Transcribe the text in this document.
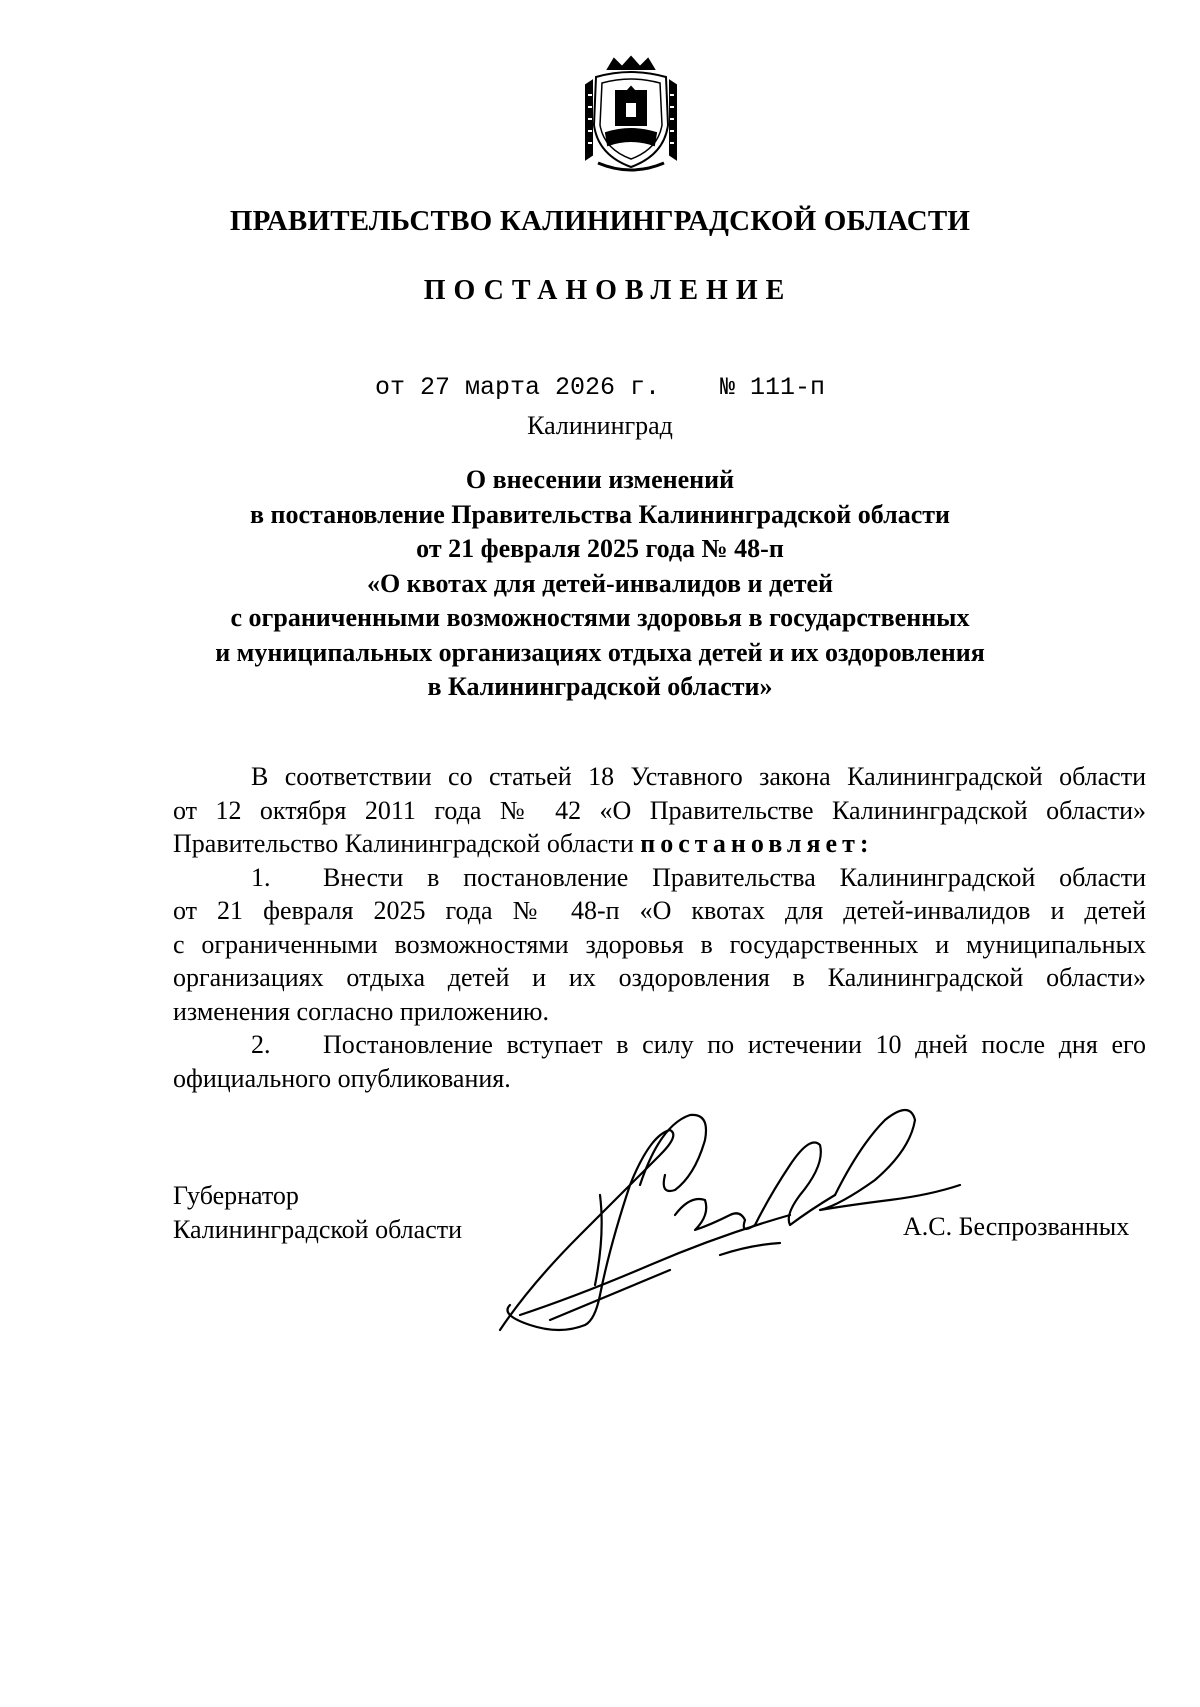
ПРАВИТЕЛЬСТВО КАЛИНИНГРАДСКОЙ ОБЛАСТИ
ПОСТАНОВЛЕНИЕ
от 27 марта 2026 г. № 111-п
Калининград
О внесении изменений
в постановление Правительства Калининградской области
от 21 февраля 2025 года № 48-п
«О квотах для детей-инвалидов и детей
с ограниченными возможностями здоровья в государственных
и муниципальных организациях отдыха детей и их оздоровления
в Калининградской области»
В соответствии со статьей 18 Уставного закона Калининградской области
от 12 октября 2011 года № 42 «О Правительстве Калининградской области»
Правительство Калининградской области постановляет:
1. Внести в постановление Правительства Калининградской области
от 21 февраля 2025 года № 48-п «О квотах для детей-инвалидов и детей
с ограниченными возможностями здоровья в государственных и муниципальных
организациях отдыха детей и их оздоровления в Калининградской области»
изменения согласно приложению.
2. Постановление вступает в силу по истечении 10 дней после дня его
официального опубликования.
Губернатор
Калининградской области	А.С. Беспрозванных
